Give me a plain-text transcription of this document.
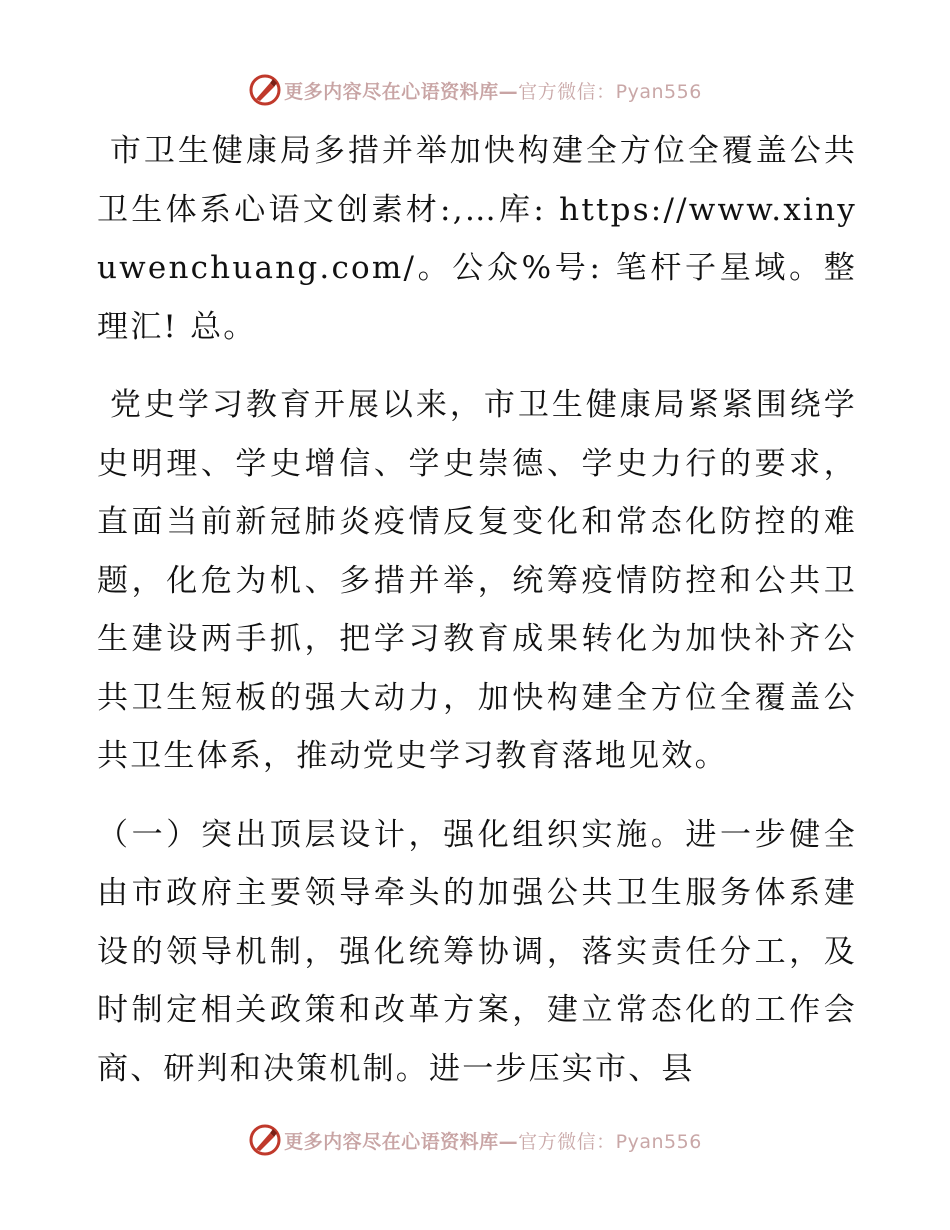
更多内容尽在心语资料库—官方微信：Pyan556

市卫生健康局多措并举加快构建全方位全覆盖公共卫生体系心语文创素材:,…库: https://www.xinyuwenchuang.com/。公众%号: 笔杆子星域。整理汇! 总。

党史学习教育开展以来，市卫生健康局紧紧围绕学史明理、学史增信、学史崇德、学史力行的要求，直面当前新冠肺炎疫情反复变化和常态化防控的难题，化危为机、多措并举，统筹疫情防控和公共卫生建设两手抓，把学习教育成果转化为加快补齐公共卫生短板的强大动力，加快构建全方位全覆盖公共卫生体系，推动党史学习教育落地见效。

（一）突出顶层设计，强化组织实施。进一步健全由市政府主要领导牵头的加强公共卫生服务体系建设的领导机制，强化统筹协调，落实责任分工，及时制定相关政策和改革方案，建立常态化的工作会商、研判和决策机制。进一步压实市、县

更多内容尽在心语资料库—官方微信：Pyan556
